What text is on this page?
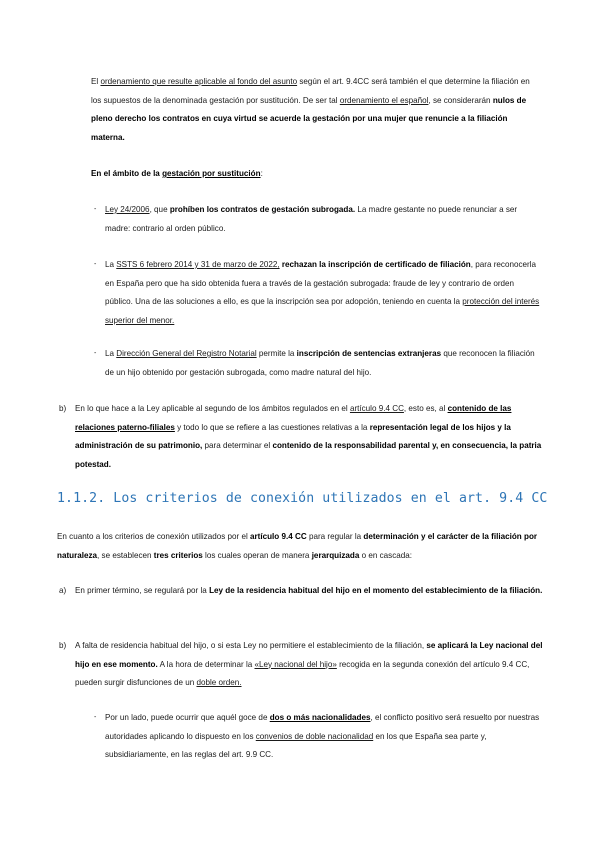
El ordenamiento que resulte aplicable al fondo del asunto según el art. 9.4CC será también el que determine la filiación en los supuestos de la denominada gestación por sustitución. De ser tal ordenamiento el español, se considerarán nulos de pleno derecho los contratos en cuya virtud se acuerde la gestación por una mujer que renuncie a la filiación materna.

En el ámbito de la gestación por sustitución:

- Ley 24/2006, que prohíben los contratos de gestación subrogada. La madre gestante no puede renunciar a ser madre: contrario al orden público.

- La SSTS 6 febrero 2014 y 31 de marzo de 2022, rechazan la inscripción de certificado de filiación, para reconocerla en España pero que ha sido obtenida fuera a través de la gestación subrogada: fraude de ley y contrario de orden público. Una de las soluciones a ello, es que la inscripción sea por adopción, teniendo en cuenta la protección del interés superior del menor.

- La Dirección General del Registro Notarial permite la inscripción de sentencias extranjeras que reconocen la filiación de un hijo obtenido por gestación subrogada, como madre natural del hijo.

b) En lo que hace a la Ley aplicable al segundo de los ámbitos regulados en el artículo 9.4 CC, esto es, al contenido de las relaciones paterno-filiales y todo lo que se refiere a las cuestiones relativas a la representación legal de los hijos y la administración de su patrimonio, para determinar el contenido de la responsabilidad parental y, en consecuencia, la patria potestad.

1.1.2. Los criterios de conexión utilizados en el art. 9.4 CC

En cuanto a los criterios de conexión utilizados por el artículo 9.4 CC para regular la determinación y el carácter de la filiación por naturaleza, se establecen tres criterios los cuales operan de manera jerarquizada o en cascada:

a) En primer término, se regulará por la Ley de la residencia habitual del hijo en el momento del establecimiento de la filiación.

b) A falta de residencia habitual del hijo, o si esta Ley no permitiere el establecimiento de la filiación, se aplicará la Ley nacional del hijo en ese momento. A la hora de determinar la «Ley nacional del hijo» recogida en la segunda conexión del artículo 9.4 CC, pueden surgir disfunciones de un doble orden.

- Por un lado, puede ocurrir que aquél goce de dos o más nacionalidades, el conflicto positivo será resuelto por nuestras autoridades aplicando lo dispuesto en los convenios de doble nacionalidad en los que España sea parte y, subsidiariamente, en las reglas del art. 9.9 CC.
